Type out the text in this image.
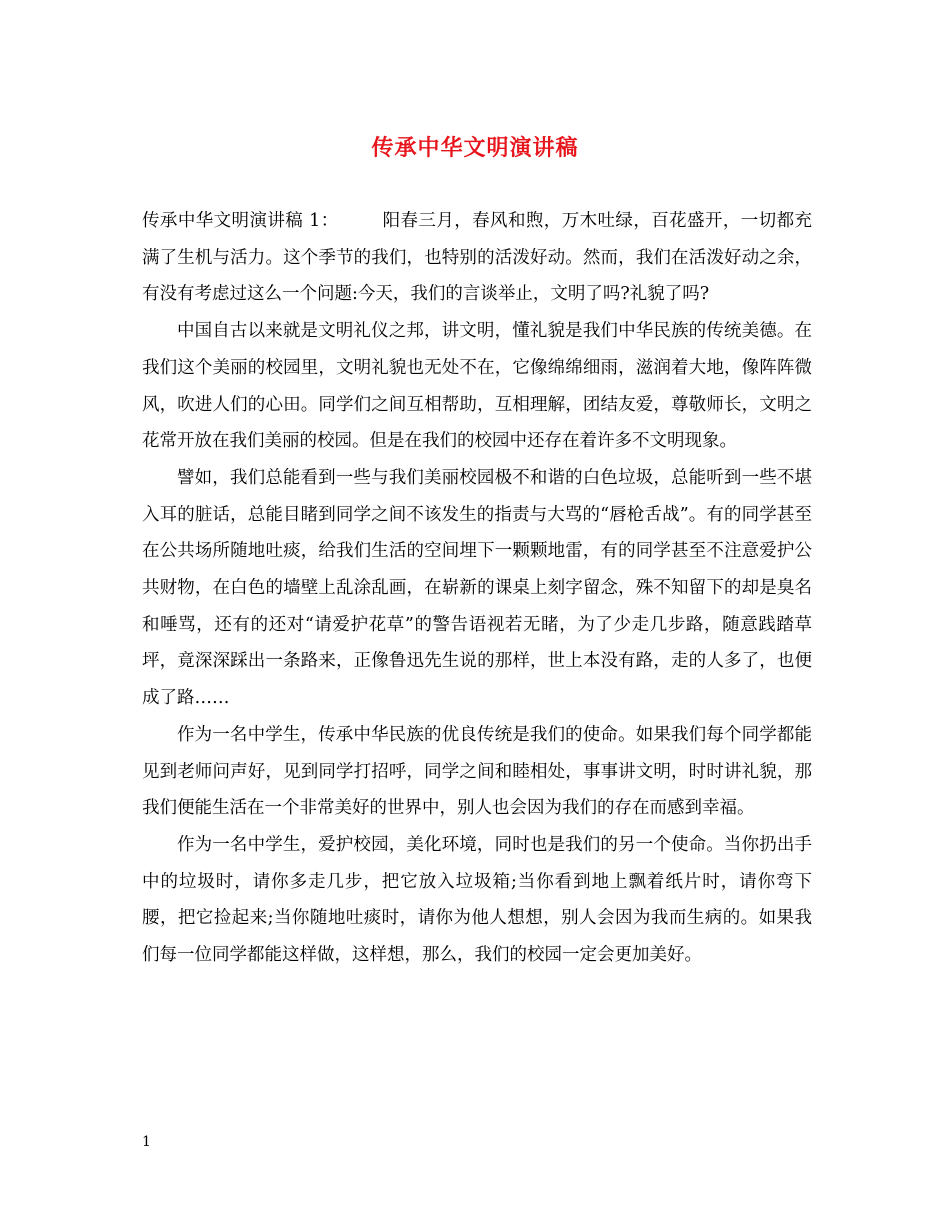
传承中华文明演讲稿

传承中华文明演讲稿 1：	阳春三月，春风和煦，万木吐绿，百花盛开，一切都充满了生机与活力。这个季节的我们，也特别的活泼好动。然而，我们在活泼好动之余，有没有考虑过这么一个问题:今天，我们的言谈举止，文明了吗?礼貌了吗?

中国自古以来就是文明礼仪之邦，讲文明，懂礼貌是我们中华民族的传统美德。在我们这个美丽的校园里，文明礼貌也无处不在，它像绵绵细雨，滋润着大地，像阵阵微风，吹进人们的心田。同学们之间互相帮助，互相理解，团结友爱，尊敬师长，文明之花常开放在我们美丽的校园。但是在我们的校园中还存在着许多不文明现象。

譬如，我们总能看到一些与我们美丽校园极不和谐的白色垃圾，总能听到一些不堪入耳的脏话，总能目睹到同学之间不该发生的指责与大骂的“唇枪舌战”。有的同学甚至在公共场所随地吐痰，给我们生活的空间埋下一颗颗地雷，有的同学甚至不注意爱护公共财物，在白色的墙壁上乱涂乱画，在崭新的课桌上刻字留念，殊不知留下的却是臭名和唾骂，还有的还对“请爱护花草”的警告语视若无睹，为了少走几步路，随意践踏草坪，竟深深踩出一条路来，正像鲁迅先生说的那样，世上本没有路，走的人多了，也便成了路……

作为一名中学生，传承中华民族的优良传统是我们的使命。如果我们每个同学都能见到老师问声好，见到同学打招呼，同学之间和睦相处，事事讲文明，时时讲礼貌，那我们便能生活在一个非常美好的世界中，别人也会因为我们的存在而感到幸福。

作为一名中学生，爱护校园，美化环境，同时也是我们的另一个使命。当你扔出手中的垃圾时，请你多走几步，把它放入垃圾箱;当你看到地上飘着纸片时，请你弯下腰，把它捡起来;当你随地吐痰时，请你为他人想想，别人会因为我而生病的。如果我们每一位同学都能这样做，这样想，那么，我们的校园一定会更加美好。

1
